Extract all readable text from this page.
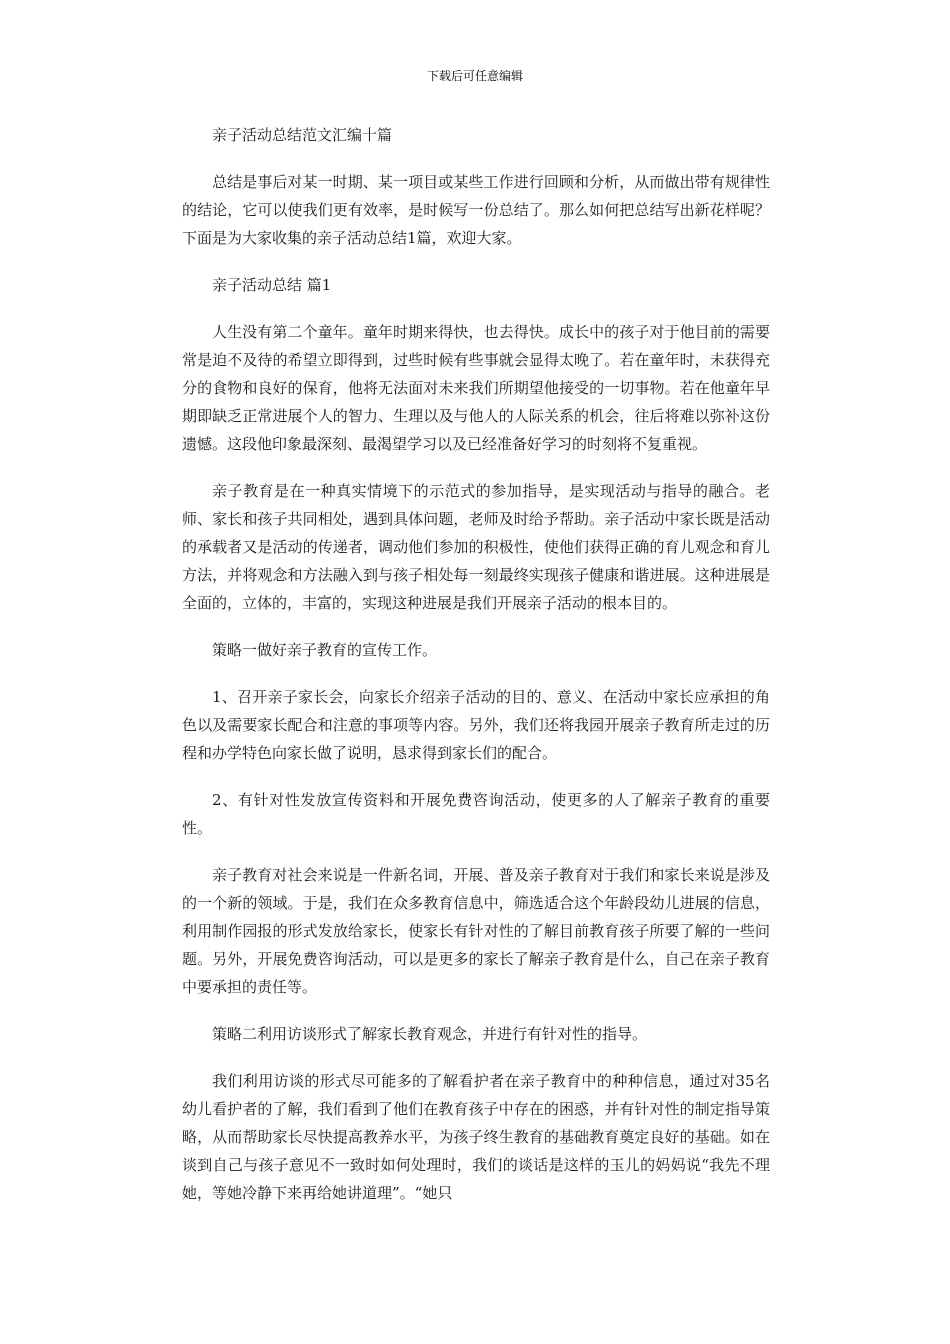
下载后可任意编辑

亲子活动总结范文汇编十篇

总结是事后对某一时期、某一项目或某些工作进行回顾和分析，从而做出带有规律性的结论，它可以使我们更有效率，是时候写一份总结了。那么如何把总结写出新花样呢？下面是为大家收集的亲子活动总结1篇，欢迎大家。

亲子活动总结 篇1

人生没有第二个童年。童年时期来得快，也去得快。成长中的孩子对于他目前的需要常是迫不及待的希望立即得到，过些时候有些事就会显得太晚了。若在童年时，未获得充分的食物和良好的保育，他将无法面对未来我们所期望他接受的一切事物。若在他童年早期即缺乏正常进展个人的智力、生理以及与他人的人际关系的机会，往后将难以弥补这份遗憾。这段他印象最深刻、最渴望学习以及已经准备好学习的时刻将不复重视。

亲子教育是在一种真实情境下的示范式的参加指导，是实现活动与指导的融合。老师、家长和孩子共同相处，遇到具体问题，老师及时给予帮助。亲子活动中家长既是活动的承载者又是活动的传递者，调动他们参加的积极性，使他们获得正确的育儿观念和育儿方法，并将观念和方法融入到与孩子相处每一刻最终实现孩子健康和谐进展。这种进展是全面的，立体的，丰富的，实现这种进展是我们开展亲子活动的根本目的。

策略一做好亲子教育的宣传工作。

1、召开亲子家长会，向家长介绍亲子活动的目的、意义、在活动中家长应承担的角色以及需要家长配合和注意的事项等内容。另外，我们还将我园开展亲子教育所走过的历程和办学特色向家长做了说明，恳求得到家长们的配合。

2、有针对性发放宣传资料和开展免费咨询活动，使更多的人了解亲子教育的重要性。

亲子教育对社会来说是一件新名词，开展、普及亲子教育对于我们和家长来说是涉及的一个新的领域。于是，我们在众多教育信息中，筛选适合这个年龄段幼儿进展的信息，利用制作园报的形式发放给家长，使家长有针对性的了解目前教育孩子所要了解的一些问题。另外，开展免费咨询活动，可以是更多的家长了解亲子教育是什么，自己在亲子教育中要承担的责任等。

策略二利用访谈形式了解家长教育观念，并进行有针对性的指导。

我们利用访谈的形式尽可能多的了解看护者在亲子教育中的种种信息，通过对35名幼儿看护者的了解，我们看到了他们在教育孩子中存在的困惑，并有针对性的制定指导策略，从而帮助家长尽快提高教养水平，为孩子终生教育的基础教育奠定良好的基础。如在谈到自己与孩子意见不一致时如何处理时，我们的谈话是这样的玉儿的妈妈说“我先不理她，等她冷静下来再给她讲道理”。“她只
